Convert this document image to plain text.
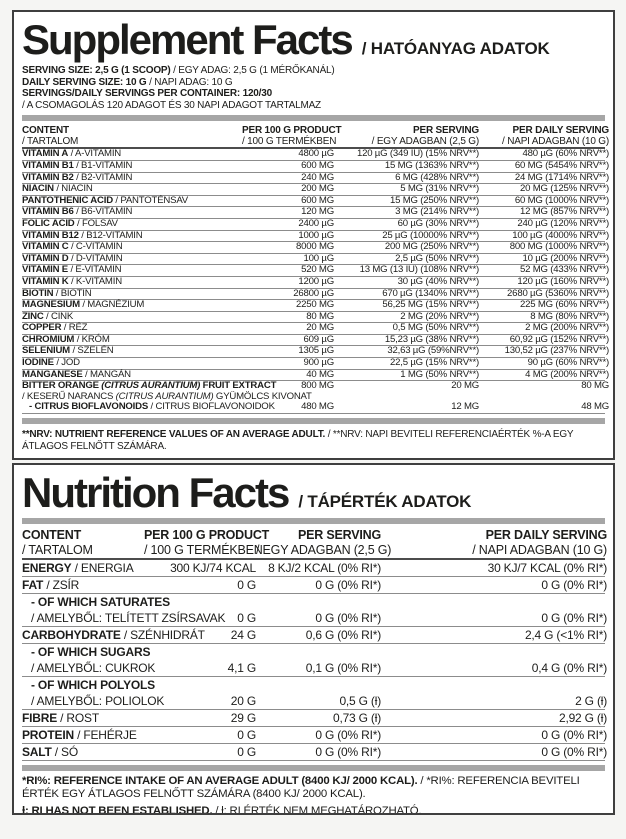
Supplement Facts / HATÓANYAG ADATOK
SERVING SIZE: 2,5 G (1 SCOOP) / EGY ADAG: 2,5 G (1 MÉRŐKANÁL)
DAILY SERVING SIZE: 10 G / NAPI ADAG: 10 G
SERVINGS/DAILY SERVINGS PER CONTAINER: 120/30
/ A CSOMAGOLÁS 120 ADAGOT ÉS 30 NAPI ADAGOT TARTALMAZ
CONTENT
/ TARTALOM
PER 100 G PRODUCT
/ 100 G TERMÉKBEN
PER SERVING
/ EGY ADAGBAN (2,5 G)
PER DAILY SERVING
/ NAPI ADAGBAN (10 G)
VITAMIN A / A-VITAMIN	4800 µG	120 µG (349 IU) (15% NRV**)	480 µG (60% NRV**)
VITAMIN B1 / B1-VITAMIN	600 MG	15 MG (1363% NRV**)	60 MG (5454% NRV**)
VITAMIN B2 / B2-VITAMIN	240 MG	6 MG (428% NRV**)	24 MG (1714% NRV**)
NIACIN / NIACIN	200 MG	5 MG (31% NRV**)	20 MG (125% NRV**)
PANTOTHENIC ACID / PANTOTÉNSAV	600 MG	15 MG (250% NRV**)	60 MG (1000% NRV**)
VITAMIN B6 / B6-VITAMIN	120 MG	3 MG (214% NRV**)	12 MG (857% NRV**)
FOLIC ACID / FOLSAV	2400 µG	60 µG (30% NRV**)	240 µG (120% NRV**)
VITAMIN B12 / B12-VITAMIN	1000 µG	25 µG (10000% NRV**)	100 µG (4000% NRV**)
VITAMIN C / C-VITAMIN	8000 MG	200 MG (250% NRV**)	800 MG (1000% NRV**)
VITAMIN D / D-VITAMIN	100 µG	2,5 µG (50% NRV**)	10 µG (200% NRV**)
VITAMIN E / E-VITAMIN	520 MG	13 MG (13 IU) (108% NRV**)	52 MG (433% NRV**)
VITAMIN K / K-VITAMIN	1200 µG	30 µG (40% NRV**)	120 µG (160% NRV**)
BIOTIN / BIOTIN	26800 µG	670 µG (1340% NRV**)	2680 µG (5360% NRV**)
MAGNESIUM / MAGNÉZIUM	2250 MG	56,25 MG (15% NRV**)	225 MG (60% NRV**)
ZINC / CINK	80 MG	2 MG (20% NRV**)	8 MG (80% NRV**)
COPPER / RÉZ	20 MG	0,5 MG (50% NRV**)	2 MG (200% NRV**)
CHROMIUM / KRÓM	609 µG	15,23 µG (38% NRV**)	60,92 µG (152% NRV**)
SELENIUM / SZELÉN	1305 µG	32,63 µG (59%NRV**)	130,52 µG (237% NRV**)
IODINE / JOD	900 µG	22,5 µG (15% NRV**)	90 µG (60% NRV**)
MANGANESE / MANGÁN	40 MG	1 MG (50% NRV**)	4 MG (200% NRV**)
BITTER ORANGE (CITRUS AURANTIUM) FRUIT EXTRACT
/ KESERŰ NARANCS (CITRUS AURANTIUM) GYÜMÖLCS KIVONAT
800 MG	20 MG	80 MG
- CITRUS BIOFLAVONOIDS / CITRUS BIOFLAVONOIDOK	480 MG	12 MG	48 MG

**NRV: NUTRIENT REFERENCE VALUES OF AN AVERAGE ADULT. / **NRV: NAPI BEVITELI REFERENCIAÉRTÉK %-A EGY ÁTLAGOS FELNŐTT SZÁMÁRA.

Nutrition Facts / TÁPÉRTÉK ADATOK
CONTENT
/ TARTALOM
PER 100 G PRODUCT
/ 100 G TERMÉKBEN
PER SERVING
/ EGY ADAGBAN (2,5 G)
PER DAILY SERVING
/ NAPI ADAGBAN (10 G)
ENERGY / ENERGIA	300 KJ/74 KCAL	8 KJ/2 KCAL (0% RI*)	30 KJ/7 KCAL (0% RI*)
FAT / ZSÍR	0 G	0 G (0% RI*)	0 G (0% RI*)
- OF WHICH SATURATES
/ AMELYBŐL: TELÍTETT ZSÍRSAVAK 0 G	0 G (0% RI*)	0 G (0% RI*)
CARBOHYDRATE / SZÉNHIDRÁT	24 G	0,6 G (0% RI*)	2,4 G (<1% RI*)
- OF WHICH SUGARS
/ AMELYBŐL: CUKROK	4,1 G	0,1 G (0% RI*)	0,4 G (0% RI*)
- OF WHICH POLYOLS
/ AMELYBŐL: POLIOLOK	20 G	0,5 G (ƚ)	2 G (ƚ)
FIBRE / ROST	29 G	0,73 G (ƚ)	2,92 G (ƚ)
PROTEIN / FEHÉRJE	0 G	0 G (0% RI*)	0 G (0% RI*)
SALT / SÓ	0 G	0 G (0% RI*)	0 G (0% RI*)

*RI%: REFERENCE INTAKE OF AN AVERAGE ADULT (8400 KJ/ 2000 KCAL). / *RI%: REFERENCIA BEVITELI ÉRTÉK EGY ÁTLAGOS FELNŐTT SZÁMÁRA (8400 KJ/ 2000 KCAL).

ƚ: RI HAS NOT BEEN ESTABLISHED. / ƚ: RI ÉRTÉK NEM MEGHATÁROZHATÓ.
